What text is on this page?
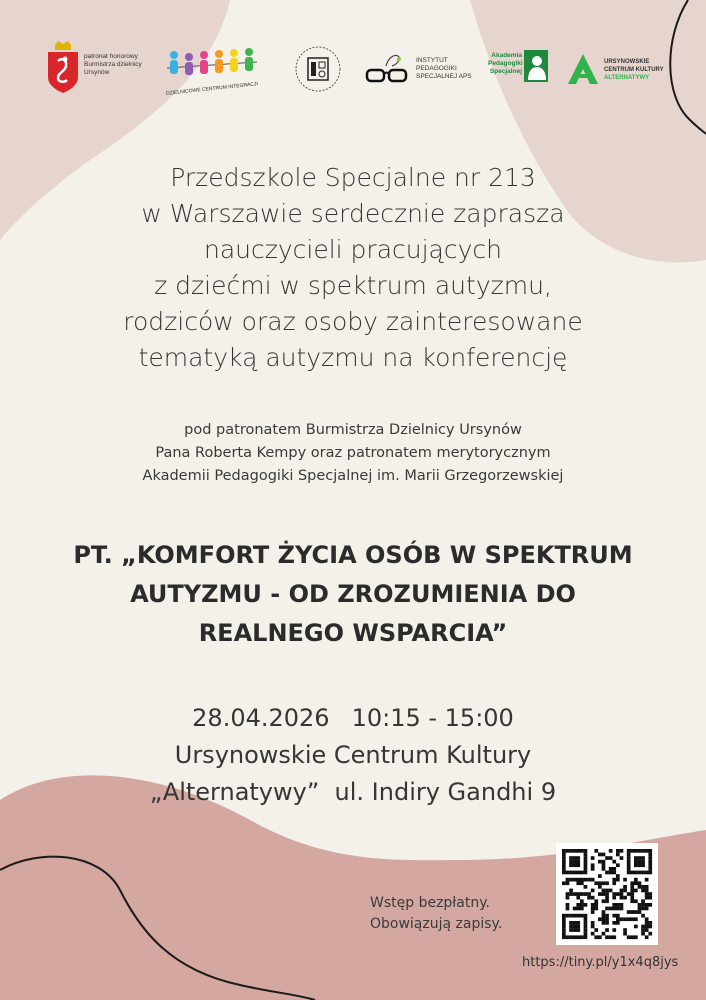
patronat honorowy
Burmistrza dzielnicy
Ursynów
DZIELNICOWE CENTRUM INTEGRACJI
INSTYTUT
PEDAGOGIKI
SPECJALNEJ APS
Akademia
Pedagogiki
Specjalnej
URSYNOWSKIE
CENTRUM KULTURY
ALTERNATYWY
Przedszkole Specjalne nr 213
w Warszawie serdecznie zaprasza
nauczycieli pracujących
z dziećmi w spektrum autyzmu,
rodziców oraz osoby zainteresowane
tematyką autyzmu na konferencję
pod patronatem Burmistrza Dzielnicy Ursynów
Pana Roberta Kempy oraz patronatem merytorycznym
Akademii Pedagogiki Specjalnej im. Marii Grzegorzewskiej
PT. „KOMFORT ŻYCIA OSÓB W SPEKTRUM
AUTYZMU - OD ZROZUMIENIA DO
REALNEGO WSPARCIA”
28.04.2026 10:15 - 15:00
Ursynowskie Centrum Kultury
„Alternatywy”  ul. Indiry Gandhi 9
Wstęp bezpłatny.
Obowiązują zapisy.
https://tiny.pl/y1x4q8jys
